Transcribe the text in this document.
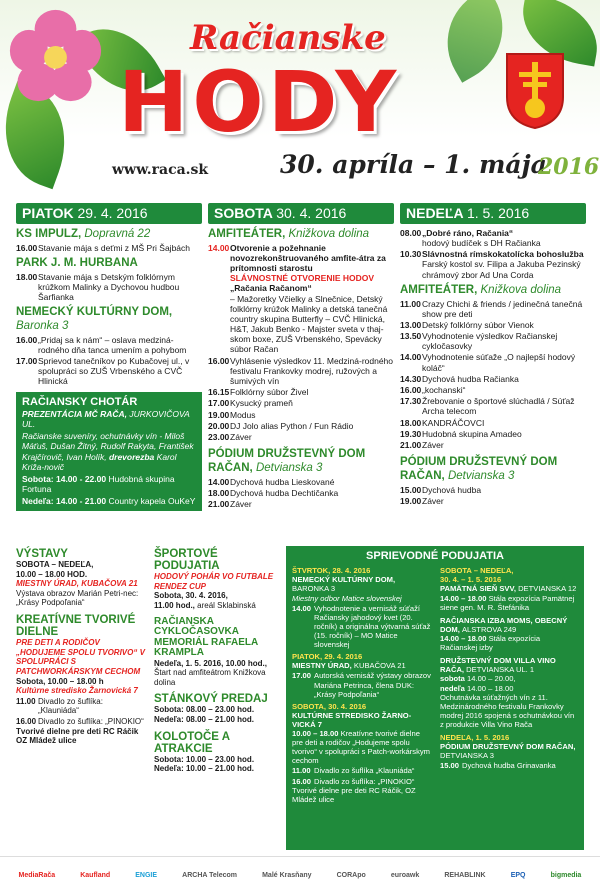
Račianske
HODY
www.raca.sk	30. apríla – 1. mája
2016
PIATOK 29. 4. 2016
KS IMPULZ, Dopravná 22
16.00 Stavanie mája s deťmi z MŠ Pri Šajbách
PARK J. M. HURBANA
18.00 Stavanie mája s Detským folklórnym krúžkom Malinky a Dychovou hudbou Šarfianka
NEMECKÝ KULTÚRNY DOM,
Baronka 3
16.00 „Pridaj sa k nám“ – oslava medziná-rodného dňa tanca umením a pohybom
17.00 Sprievod tanečníkov po Kubačovej ul., v spolupráci so ZUŠ Vrbenského a CVČ Hlinická
RAČIANSKY CHOTÁR
PREZENTÁCIA MČ RAČA, JURKOVIČOVA UL.
Račianske suveníry, ochutnávky vín - Miloš Máťuš, Dušan Žitný, Rudolf Rakyta, František Krajčírovič, Ivan Holík, drevorezba Karol Križa-novič
Sobota: 14.00 - 22.00 Hudobná skupina Fortuna
Nedeľa: 14.00 - 21.00 Country kapela OuKeY
SOBOTA 30. 4. 2016
AMFITEÁTER, Knižkova dolina
14.00 Otvorenie a požehnanie novozrekonštruovaného amfite-átra za prítomnosti starostu
SLÁVNOSTNÉ OTVORENIE HODOV
„Račania Račanom“
– Mažoretky Včielky a Slnečnice, Detský folklórny krúžok Malinky a detská tanečná country skupina Butterfly – CVČ Hlinická, H&T, Jakub Benko - Majster sveta v thaj-skom boxe, ZUŠ Vrbenského, Spevácky súbor Račan
16.00 Vyhlásenie výsledkov 11. Medziná-rodného festivalu Frankovky modrej, ružových a šumivých vín
16.15 Folklórny súbor Živel
17.00 Kysucký prameň
19.00 Modus
20.00 DJ Jolo alias Python / Fun Rádio
23.00 Záver
PÓDIUM DRUŽSTEVNÝ DOM RAČAN, Detvianska 3
14.00 Dychová hudba Lieskované
18.00 Dychová hudba Dechtičanka
21.00 Záver
NEDEĽA 1. 5. 2016
08.00 „Dobré ráno, Račania“
hodový budíček s DH Račianka
10.30 Slávnostná rímskokatolícka bohoslužba
Farský kostol sv. Filipa a Jakuba Pezinský chrámový zbor Ad Una Corda
AMFITEÁTER, Knižkova dolina
11.00 Crazy Chichi & friends / jedinečná tanečná show pre deti
13.00 Detský folklórny súbor Vienok
13.50 Vyhodnotenie výsledkov Račianskej cykločasovky
14.00 Vyhodnotenie súťaže „O najlepší hodový koláč“
14.30 Dychová hudba Račianka
16.00 „kochanski“
17.30 Žrebovanie o športové slúchadlá / Súťaž Archa telecom
18.00 KANDRÁČOVCI
19.30 Hudobná skupina Amadeo
21.00 Záver
PÓDIUM DRUŽSTEVNÝ DOM RAČAN, Detvianska 3
15.00 Dychová hudba
19.00 Záver
VÝSTAVY
SOBOTA – NEDEĽA,
10.00 – 18.00 HOD.
MIESTNY ÚRAD, KUBAČOVA 21
Výstava obrazov Marián Petri-nec: „Krásy Podpoľania“
KREATÍVNE TVORIVÉ DIELNE
PRE DETI A RODIČOV „HODUJEME SPOLU TVORIVO“ V SPOLUPRÁCI S PATCHWORKÁRSKYM CECHOM
Sobota, 10.00 – 18.00 h
Kultúrne stredisko Žarnovická 7
11.00 Divadlo zo šuflíka: „Klauniáda“
16.00 Divadlo zo šuflíka: „PINOKIO“
Tvorivé dielne pre deti RC Ráčik OZ Mládež ulice
ŠPORTOVÉ PODUJATIA
HODOVÝ POHÁR VO FUTBALE RENDEZ CUP
Sobota, 30. 4. 2016,
11.00 hod., areál Sklabinská
RAČIANSKA CYKLOČASOVKA MEMORIÁL RAFAELA KRAMPLA
Nedeľa, 1. 5. 2016, 10.00 hod.,
Štart nad amfiteátrom Knižkova dolina
STÁNKOVÝ PREDAJ
Sobota: 08.00 – 23.00 hod.
Nedeľa: 08.00 – 21.00 hod.
KOLOTOČE A ATRAKCIE
Sobota: 10.00 – 23.00 hod.
Nedeľa: 10.00 – 21.00 hod.
SPRIEVODNÉ PODUJATIA
ŠTVRTOK, 28. 4. 2016
NEMECKÝ KULTÚRNY DOM,
BARONKA 3
Miestny odbor Matice slovenskej
14.00 Vyhodnotenie a vernisáž súťaží Račiansky jahodový kvet (20. ročník) a originálna výtvarná súťaž (15. ročník) – MO Matice slovenskej
PIATOK, 29. 4. 2016
MIESTNY ÚRAD, KUBAČOVA 21
17.00 Autorská vernisáž výstavy obrazov Mariána Petrinca, člena DUK: „Krásy Podpoľania“
SOBOTA, 30. 4. 2016
KULTÚRNE STREDISKO ŽARNO-VICKÁ 7
10.00 – 18.00 Kreatívne tvorivé dielne pre deti a rodičov „Hodujeme spolu tvorivo“ v spolupráci s Patch-workárskym cechom
11.00 Divadlo zo šuflíka „Klauniáda“
16.00 Divadlo zo šuflíka: „PINOKIO“
Tvorivé dielne pre deti RC Ráčik, OZ Mládež ulice
SOBOTA – NEDEĽA,
30. 4. – 1. 5. 2016
PAMÄTNÁ SIEŇ SVV, DETVIANSKA 12
14.00 – 18.00 Stála expozícia Pamätnej siene gen. M. R. Štefánika
RAČIANSKA IZBA MOMS, OBECNÝ DOM, ALSTROVA 249
14.00 – 18.00 Stála expozícia Račianskej izby
DRUŽSTEVNÝ DOM VILLA VINO RAČA, DETVIANSKA UL. 1
sobota 14.00 – 20.00,
nedeľa 14.00 – 18.00
Ochutnávka súťažných vín z 11. Medzinárodného festivalu Frankovky modrej 2016 spojená s ochutnávkou vín z produkcie Villa Vino Rača
NEDEĽA, 1. 5. 2016
PÓDIUM DRUŽSTEVNÝ DOM RAČAN, DETVIANSKA 3
15.00 Dychová hudba Grinavanka
MediaRača	Kaufland	ENGIE	ARCHA Telecom	Malé Krasňany	CORApo	euroawk	REHABLINK	EPQ	bigmedia
